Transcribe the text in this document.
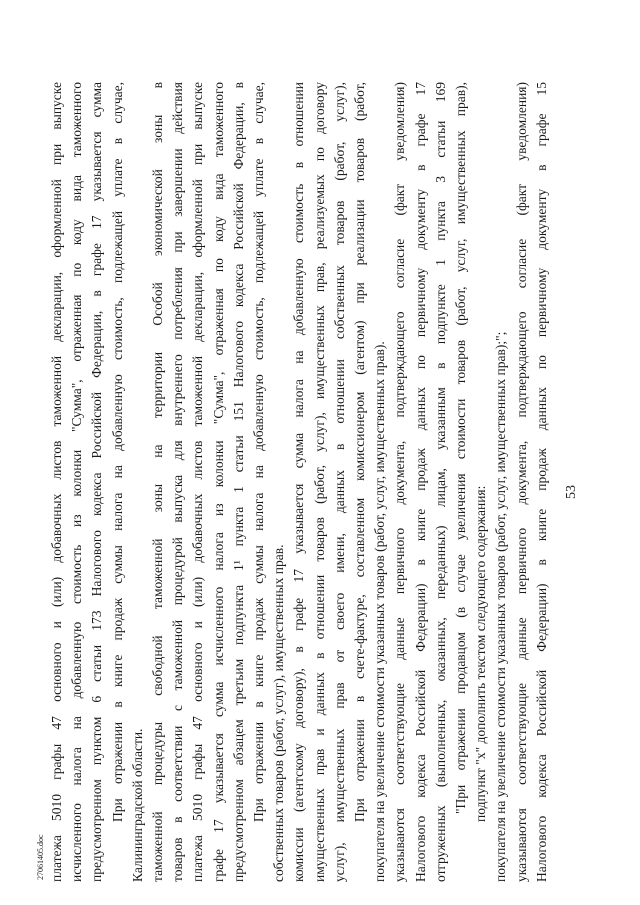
53
Налогового кодекса Российской Федерации) в книге продаж данных по первичному документу в графе 15
указываются соответствующие данные первичного документа, подтверждающего согласие (факт уведомления)
покупателя на увеличение стоимости указанных товаров (работ, услуг, имущественных прав);";
подпункт "х" дополнить текстом следующего содержания:
"При отражении продавцом (в случае увеличения стоимости товаров (работ, услуг, имущественных прав),
отгруженных (выполненных, оказанных, переданных) лицам, указанным в подпункте 1 пункта 3 статьи 169
Налогового кодекса Российской Федерации) в книге продаж данных по первичному документу в графе 17
указываются соответствующие данные первичного документа, подтверждающего согласие (факт уведомления)
покупателя на увеличение стоимости указанных товаров (работ, услуг, имущественных прав).
При отражении в счете-фактуре, составленном комиссионером (агентом) при реализации товаров (работ,
услуг), имущественных прав от своего имени, данных в отношении собственных товаров (работ, услуг),
имущественных прав и данных в отношении товаров (работ, услуг), имущественных прав, реализуемых по договору
комиссии (агентскому договору), в графе 17 указывается сумма налога на добавленную стоимость в отношении
собственных товаров (работ, услуг), имущественных прав.
При отражении в книге продаж суммы налога на добавленную стоимость, подлежащей уплате в случае,
предусмотренном абзацем третьим подпункта 1¹ пункта 1 статьи 151 Налогового кодекса Российской Федерации, в
графе 17 указывается сумма исчисленного налога из колонки "Сумма", отраженная по коду вида таможенного
платежа 5010 графы 47 основного и (или) добавочных листов таможенной декларации, оформленной при выпуске
товаров в соответствии с таможенной процедурой выпуска для внутреннего потребления при завершении действия
таможенной процедуры свободной таможенной зоны на территории Особой экономической зоны в
Калининградской области.
При отражении в книге продаж суммы налога на добавленную стоимость, подлежащей уплате в случае,
предусмотренном пунктом 6 статьи 173 Налогового кодекса Российской Федерации, в графе 17 указывается сумма
исчисленного налога на добавленную стоимость из колонки "Сумма", отраженная по коду вида таможенного
платежа 5010 графы 47 основного и (или) добавочных листов таможенной декларации, оформленной при выпуске
27061405.doc
